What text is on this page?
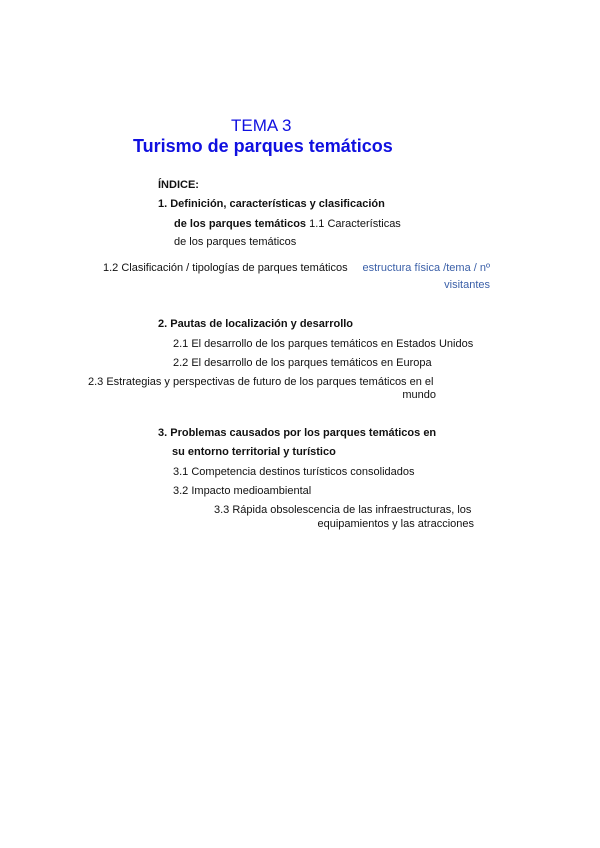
TEMA 3
Turismo de parques temáticos
ÍNDICE:
1. Definición, características y clasificación
de los parques temáticos 1.1 Características
de los parques temáticos
1.2 Clasificación / tipologías de parques temáticos estructura física /tema / nº
visitantes
2. Pautas de localización y desarrollo
2.1 El desarrollo de los parques temáticos en Estados Unidos
2.2 El desarrollo de los parques temáticos en Europa
2.3 Estrategias y perspectivas de futuro de los parques temáticos en el
mundo
3. Problemas causados por los parques temáticos en
su entorno territorial y turístico
3.1 Competencia destinos turísticos consolidados
3.2 Impacto medioambiental
3.3 Rápida obsolescencia de las infraestructuras, los
equipamientos y las atracciones
